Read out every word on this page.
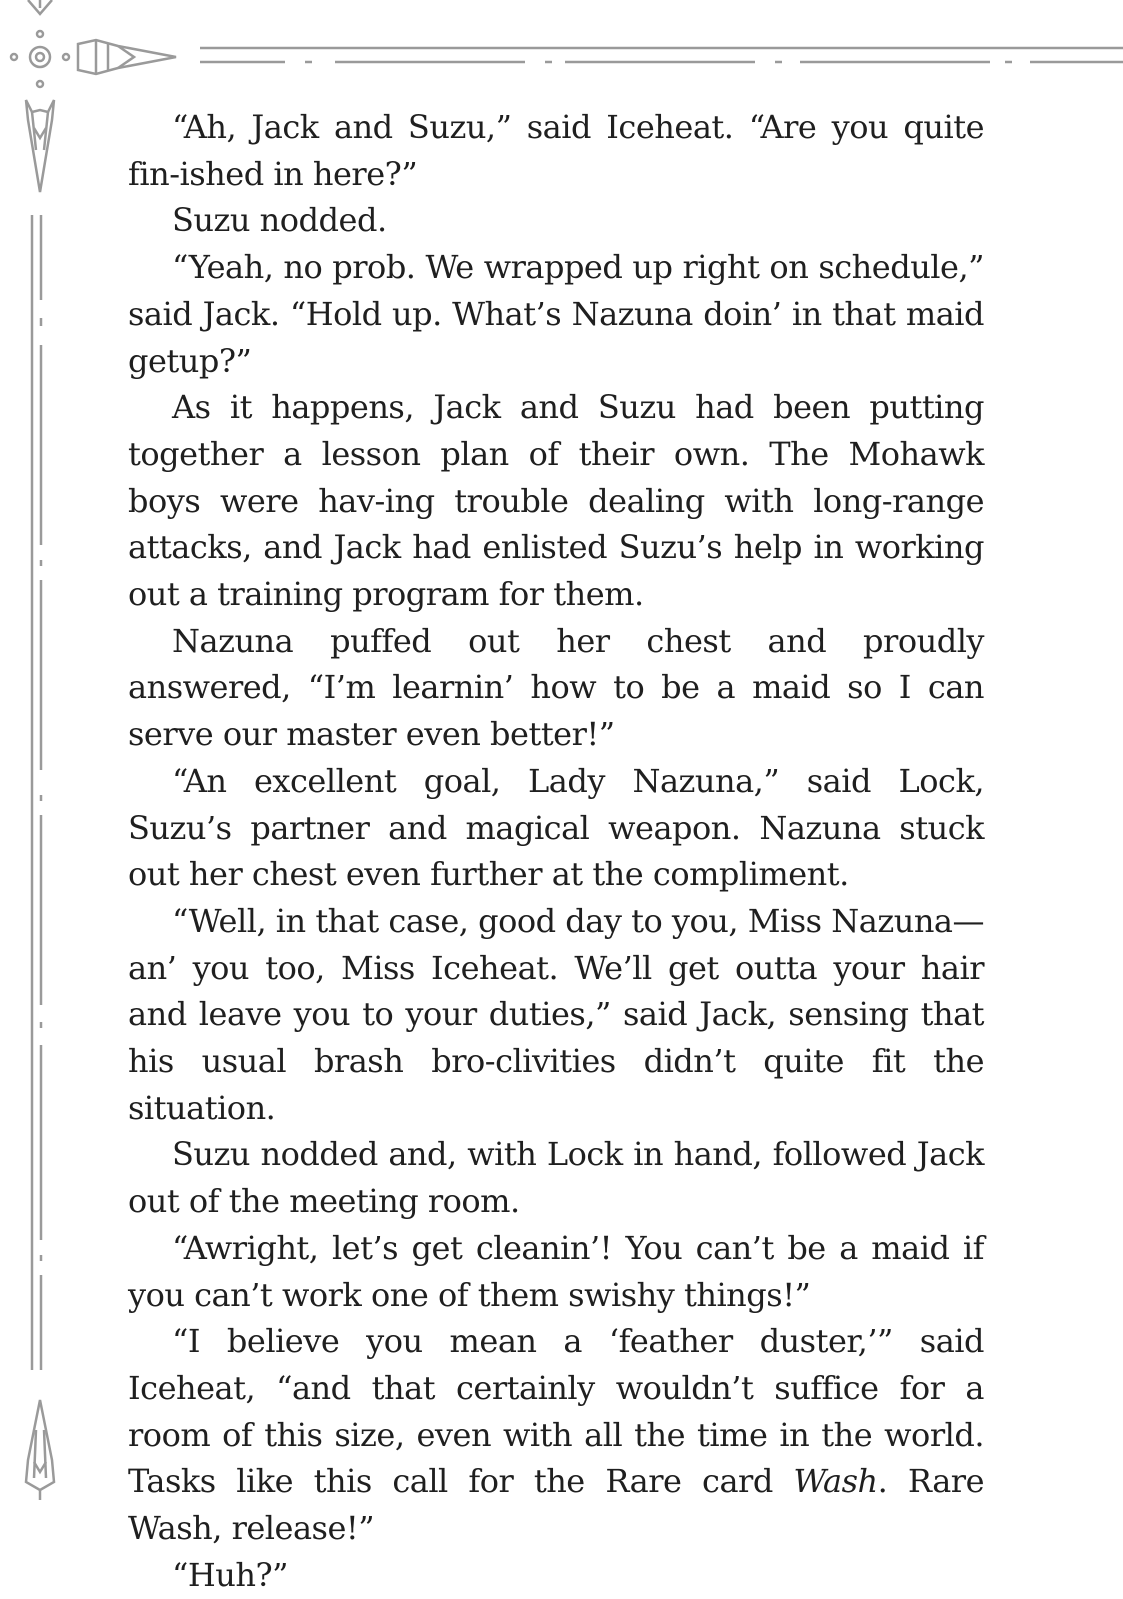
“Ah, Jack and Suzu,” said Iceheat. “Are you quite fin-ished in here?”

Suzu nodded.

“Yeah, no prob. We wrapped up right on schedule,” said Jack. “Hold up. What’s Nazuna doin’ in that maid getup?”

As it happens, Jack and Suzu had been putting together a lesson plan of their own. The Mohawk boys were hav-ing trouble dealing with long-range attacks, and Jack had enlisted Suzu’s help in working out a training program for them.

Nazuna puffed out her chest and proudly answered, “I’m learnin’ how to be a maid so I can serve our master even better!”

“An excellent goal, Lady Nazuna,” said Lock, Suzu’s partner and magical weapon. Nazuna stuck out her chest even further at the compliment.

“Well, in that case, good day to you, Miss Nazuna—an’ you too, Miss Iceheat. We’ll get outta your hair and leave you to your duties,” said Jack, sensing that his usual brash bro-clivities didn’t quite fit the situation.

Suzu nodded and, with Lock in hand, followed Jack out of the meeting room.

“Awright, let’s get cleanin’! You can’t be a maid if you can’t work one of them swishy things!”

“I believe you mean a ‘feather duster,’” said Iceheat, “and that certainly wouldn’t suffice for a room of this size, even with all the time in the world. Tasks like this call for the Rare card Wash. Rare Wash, release!”

“Huh?”
